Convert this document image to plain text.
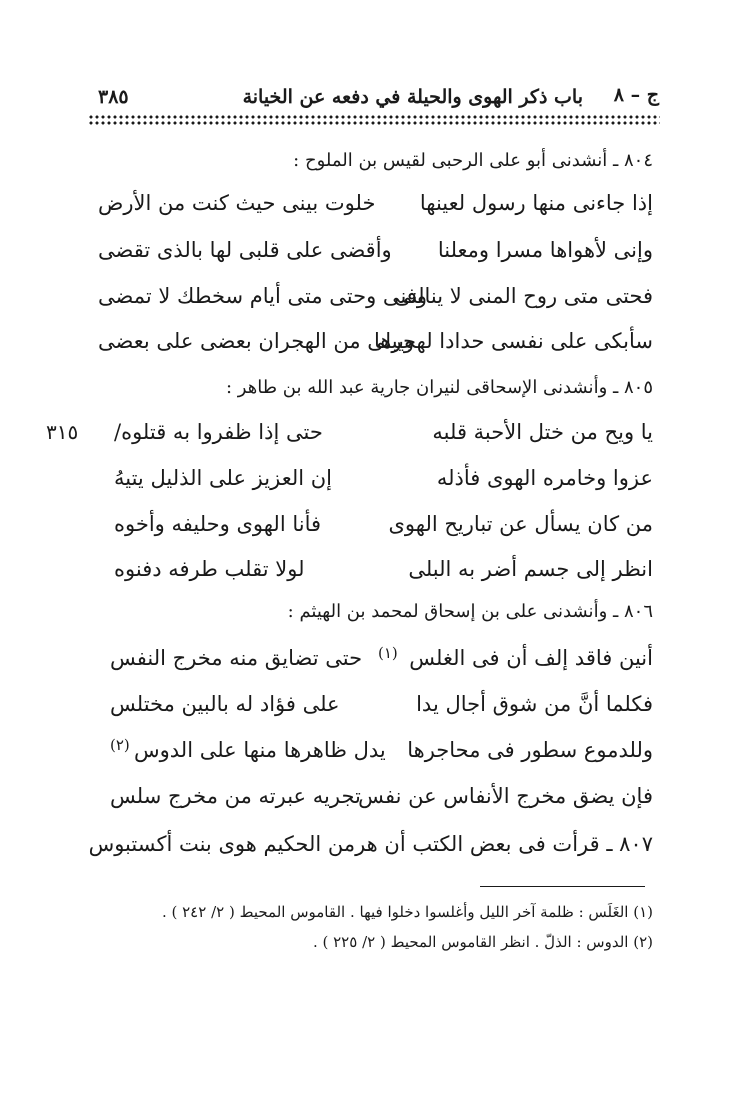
ج – ٨
باب ذكر الهوى والحيلة في دفعه عن الخيانة
٣٨٥
٨٠٤ ـ أنشدنى أبو على الرحبى لقيس بن الملوح :
إذا جاءنى منها رسول لعينها
خلوت بينى حيث كنت من الأرض
وإنى لأهواها مسرا ومعلنا
وأقضى على قلبى لها بالذى تقضى
فحتى متى روح المنى لا ينالنى
وفنى وحتى متى أيام سخطك لا تمضى
سأبكى على نفسى حدادا لهجرها
ويبلى من الهجران بعضى على بعضى
٨٠٥ ـ وأنشدنى الإسحاقى لنيران جارية عبد الله بن طاهر :
٣١٥	يا ويح من ختل الأحبة قلبه
حتى إذا ظفروا به قتلوه/
عزوا وخامره الهوى فأذله
إن العزيز على الذليل يتيهُ
من كان يسأل عن تباريح الهوى
فأنا الهوى وحليفه وأخوه
انظر إلى جسم أضر به البلى
لولا تقلب طرفه دفنوه
٨٠٦ ـ وأنشدنى على بن إسحاق لمحمد بن الهيثم :
أنين فاقد إلف أن فى الغلس
(١)
حتى تضايق منه مخرج النفس
فكلما أنَّ من شوق أجال يدا
على فؤاد له بالبين مختلس
وللدموع سطور فى محاجرها
يدل ظاهرها منها على الدوس
(٢)
فإن يضق مخرج الأنفاس عن نفس
تجريه عبرته من مخرج سلس
٨٠٧ ـ قرأت فى بعض الكتب أن هرمن الحكيم هوى بنت أكستبوس
(١) الغَلَس : ظلمة آخر الليل وأغلسوا دخلوا فيها . القاموس المحيط ( ٢/ ٢٤٢ ) .
(٢) الدوس : الذلّ . انظر القاموس المحيط ( ٢/ ٢٢٥ ) .
